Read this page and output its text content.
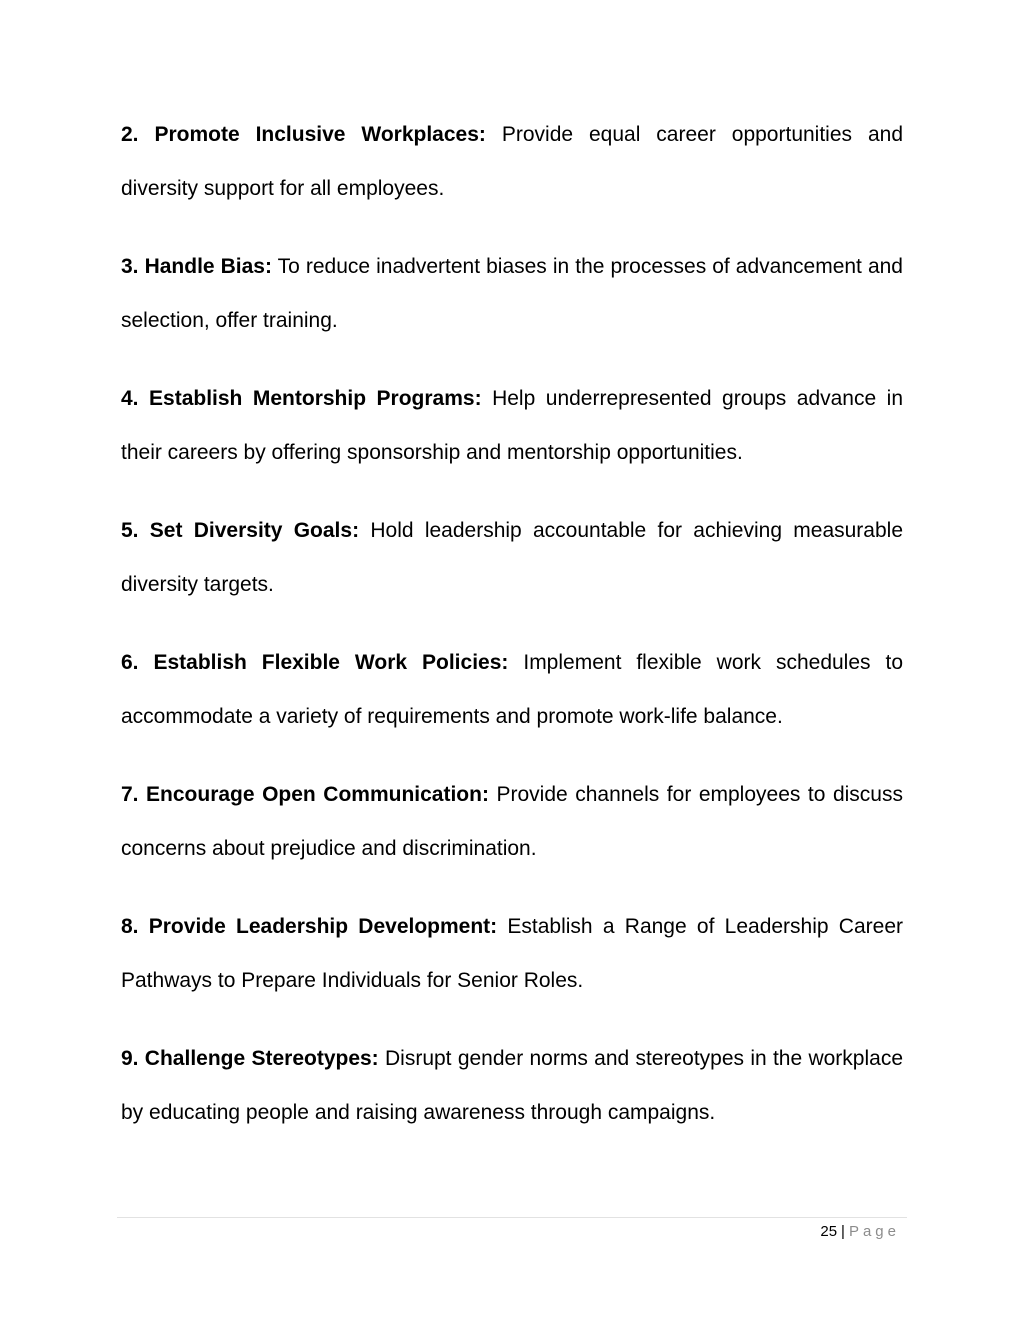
2. Promote Inclusive Workplaces: Provide equal career opportunities and diversity support for all employees.

3. Handle Bias: To reduce inadvertent biases in the processes of advancement and selection, offer training.

4. Establish Mentorship Programs: Help underrepresented groups advance in their careers by offering sponsorship and mentorship opportunities.

5. Set Diversity Goals: Hold leadership accountable for achieving measurable diversity targets.

6. Establish Flexible Work Policies: Implement flexible work schedules to accommodate a variety of requirements and promote work-life balance.

7. Encourage Open Communication: Provide channels for employees to discuss concerns about prejudice and discrimination.

8. Provide Leadership Development: Establish a Range of Leadership Career Pathways to Prepare Individuals for Senior Roles.

9. Challenge Stereotypes: Disrupt gender norms and stereotypes in the workplace by educating people and raising awareness through campaigns.

25 | Page
